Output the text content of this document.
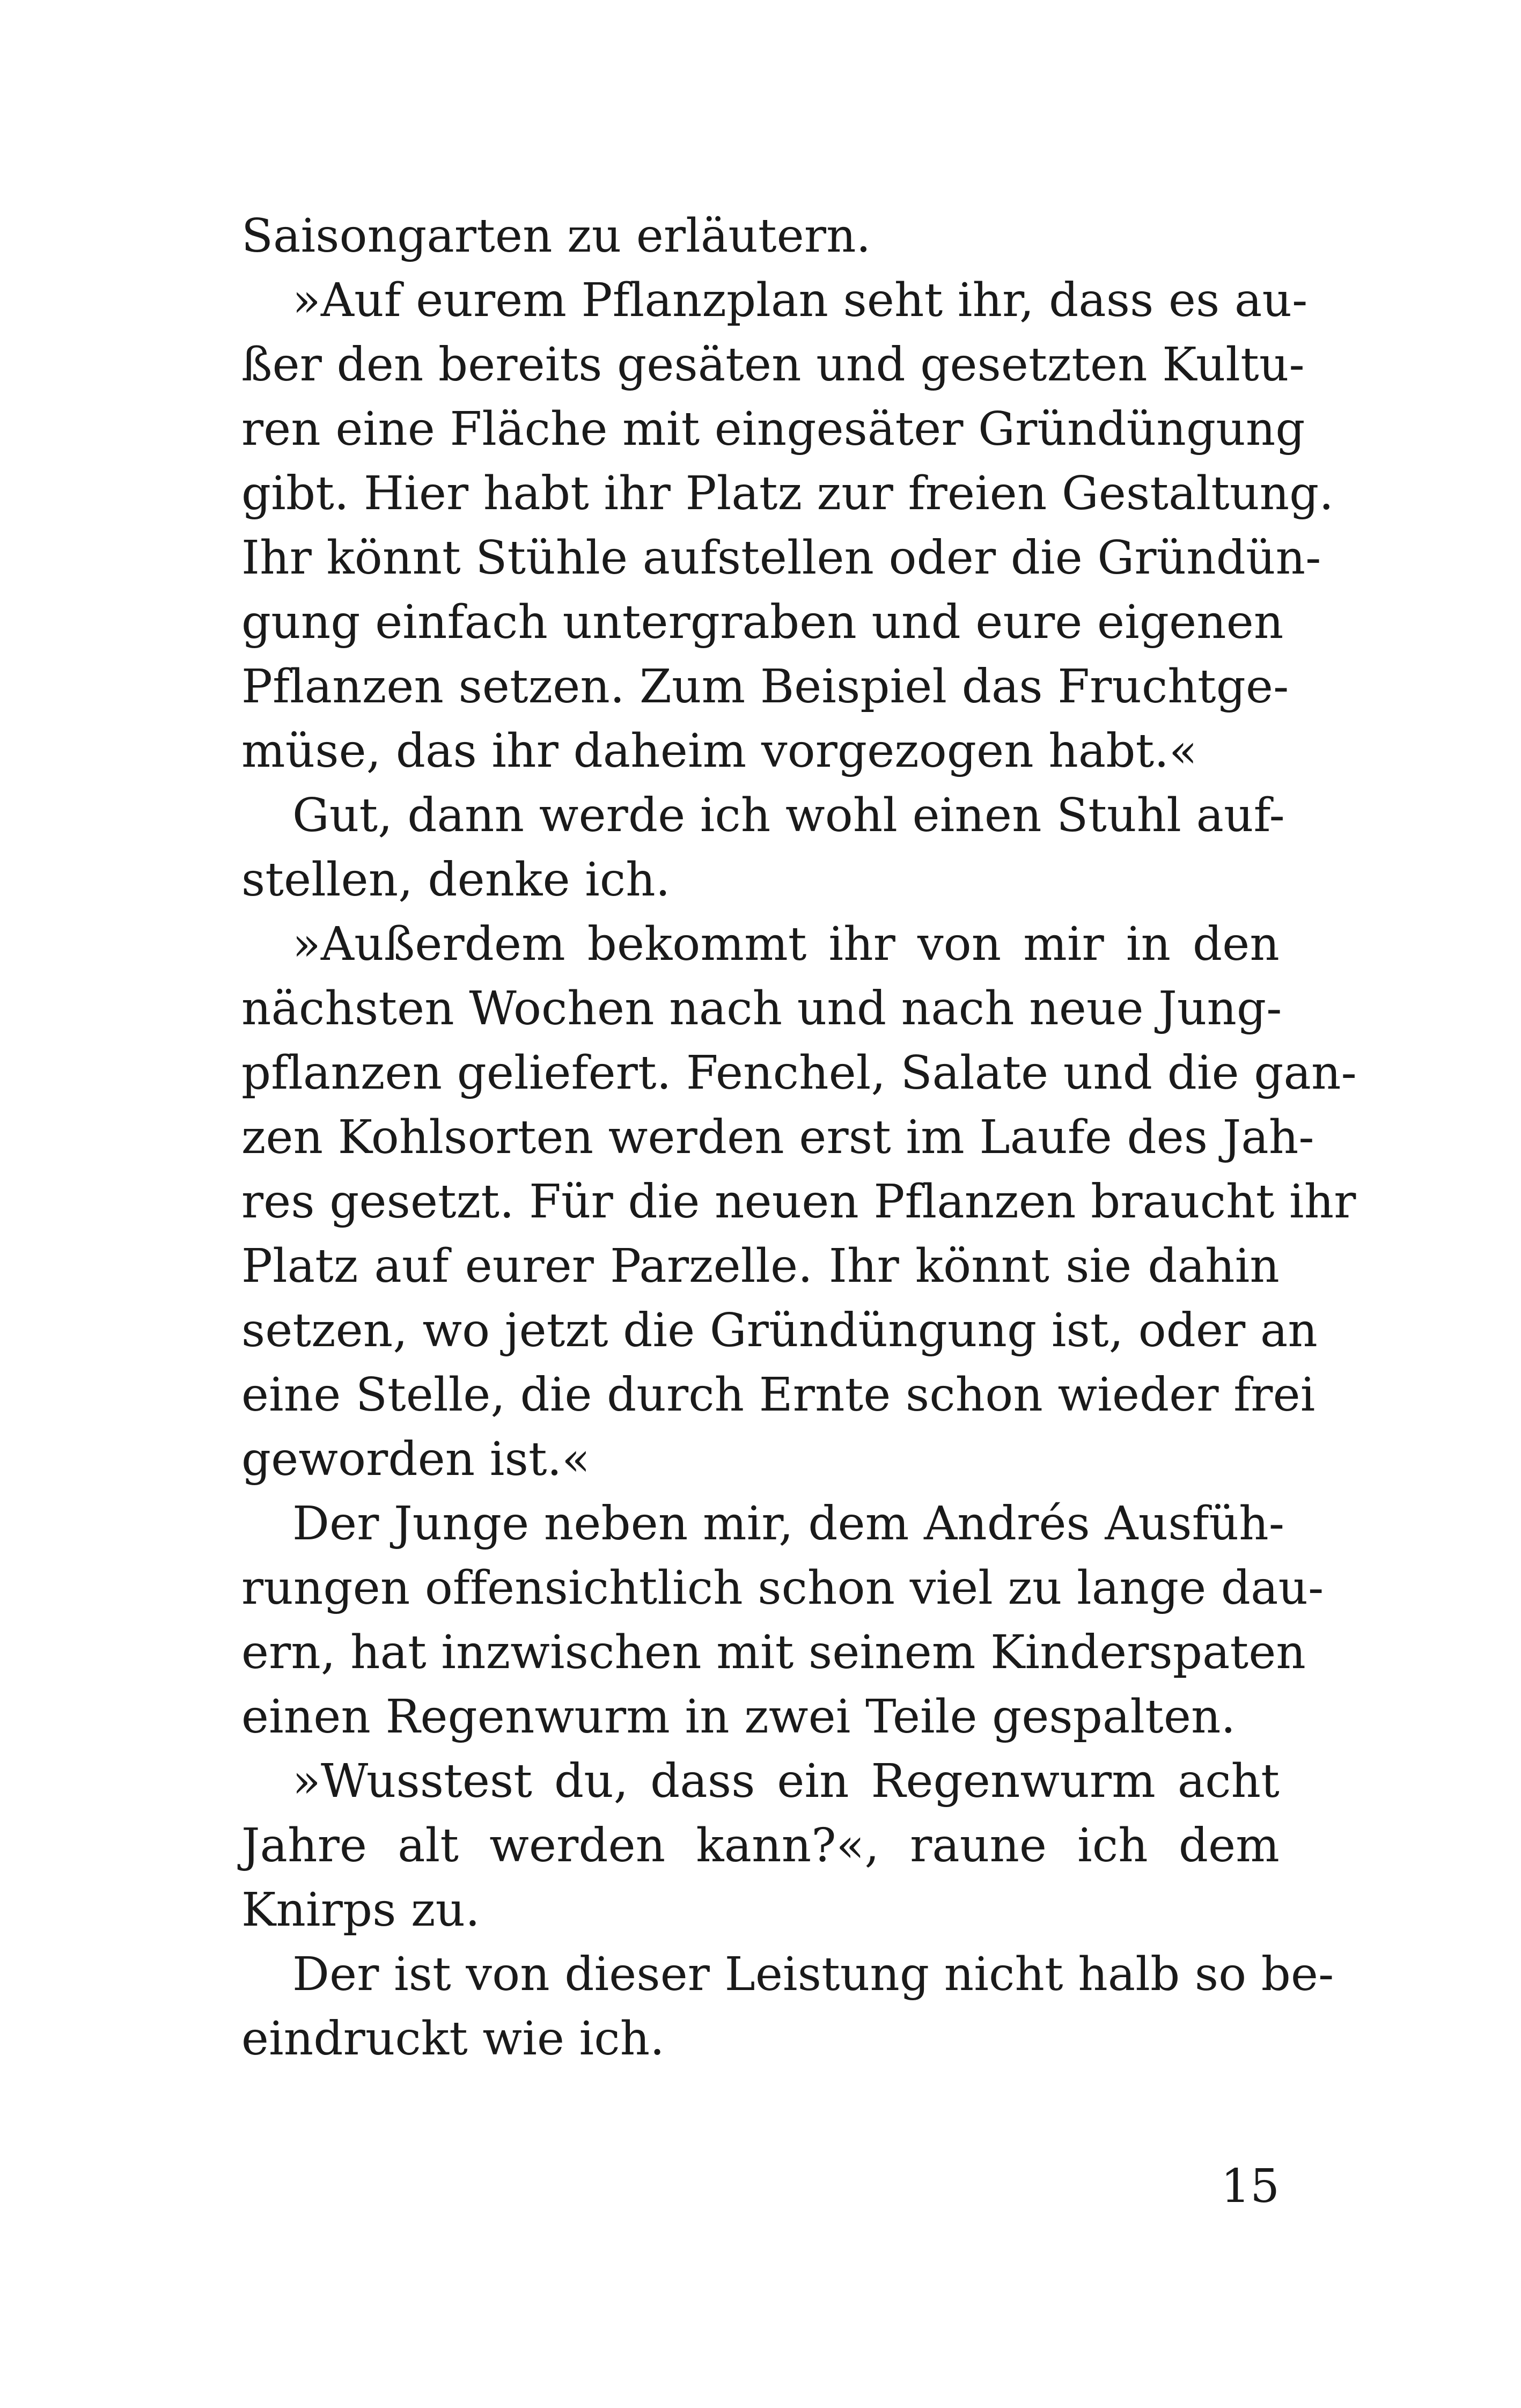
Saisongarten zu erläutern.
»Auf eurem Pflanzplan seht ihr, dass es au-
ßer den bereits gesäten und gesetzten Kultu-
ren eine Fläche mit eingesäter Gründüngung
gibt. Hier habt ihr Platz zur freien Gestaltung.
Ihr könnt Stühle aufstellen oder die Gründün-
gung einfach untergraben und eure eigenen
Pflanzen setzen. Zum Beispiel das Fruchtge-
müse, das ihr daheim vorgezogen habt.«
Gut, dann werde ich wohl einen Stuhl auf-
stellen, denke ich.
»Außerdem bekommt ihr von mir in den
nächsten Wochen nach und nach neue Jung-
pflanzen geliefert. Fenchel, Salate und die gan-
zen Kohlsorten werden erst im Laufe des Jah-
res gesetzt. Für die neuen Pflanzen braucht ihr
Platz auf eurer Parzelle. Ihr könnt sie dahin
setzen, wo jetzt die Gründüngung ist, oder an
eine Stelle, die durch Ernte schon wieder frei
geworden ist.«
Der Junge neben mir, dem Andrés Ausfüh-
rungen offensichtlich schon viel zu lange dau-
ern, hat inzwischen mit seinem Kinderspaten
einen Regenwurm in zwei Teile gespalten.
»Wusstest du, dass ein Regenwurm acht
Jahre alt werden kann?«, raune ich dem
Knirps zu.
Der ist von dieser Leistung nicht halb so be-
eindruckt wie ich.
15
